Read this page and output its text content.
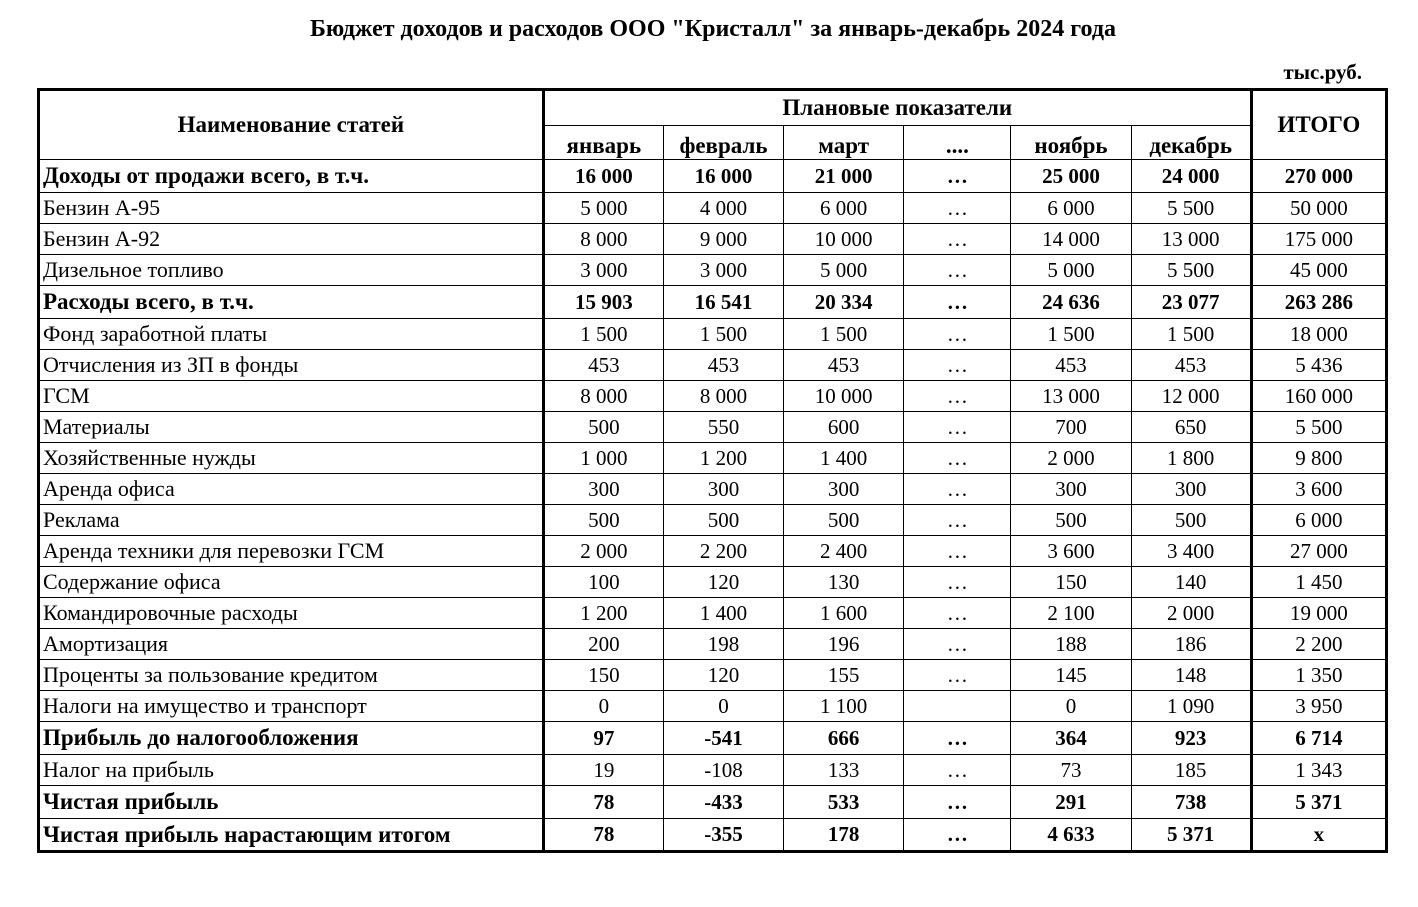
Бюджет доходов и расходов ООО "Кристалл" за январь-декабрь 2024 года
тыс.руб.
Наименование статей	Плановые показатели						ИТОГО
	январь	февраль	март	....	ноябрь	декабрь	
Доходы от продажи всего, в т.ч.	16 000	16 000	21 000	…	25 000	24 000	270 000
Бензин А-95	5 000	4 000	6 000	…	6 000	5 500	50 000
Бензин А-92	8 000	9 000	10 000	…	14 000	13 000	175 000
Дизельное топливо	3 000	3 000	5 000	…	5 000	5 500	45 000
Расходы всего, в т.ч.	15 903	16 541	20 334	…	24 636	23 077	263 286
Фонд заработной платы	1 500	1 500	1 500	…	1 500	1 500	18 000
Отчисления из ЗП в фонды	453	453	453	…	453	453	5 436
ГСМ	8 000	8 000	10 000	…	13 000	12 000	160 000
Материалы	500	550	600	…	700	650	5 500
Хозяйственные нужды	1 000	1 200	1 400	…	2 000	1 800	9 800
Аренда офиса	300	300	300	…	300	300	3 600
Реклама	500	500	500	…	500	500	6 000
Аренда техники для перевозки ГСМ	2 000	2 200	2 400	…	3 600	3 400	27 000
Содержание офиса	100	120	130	…	150	140	1 450
Командировочные расходы	1 200	1 400	1 600	…	2 100	2 000	19 000
Амортизация	200	198	196	…	188	186	2 200
Проценты за пользование кредитом	150	120	155	…	145	148	1 350
Налоги на имущество и транспорт	0	0	1 100		0	1 090	3 950
Прибыль до налогообложения	97	-541	666	…	364	923	6 714
Налог на прибыль	19	-108	133	…	73	185	1 343
Чистая прибыль	78	-433	533	…	291	738	5 371
Чистая прибыль нарастающим итогом	78	-355	178	…	4 633	5 371	x
